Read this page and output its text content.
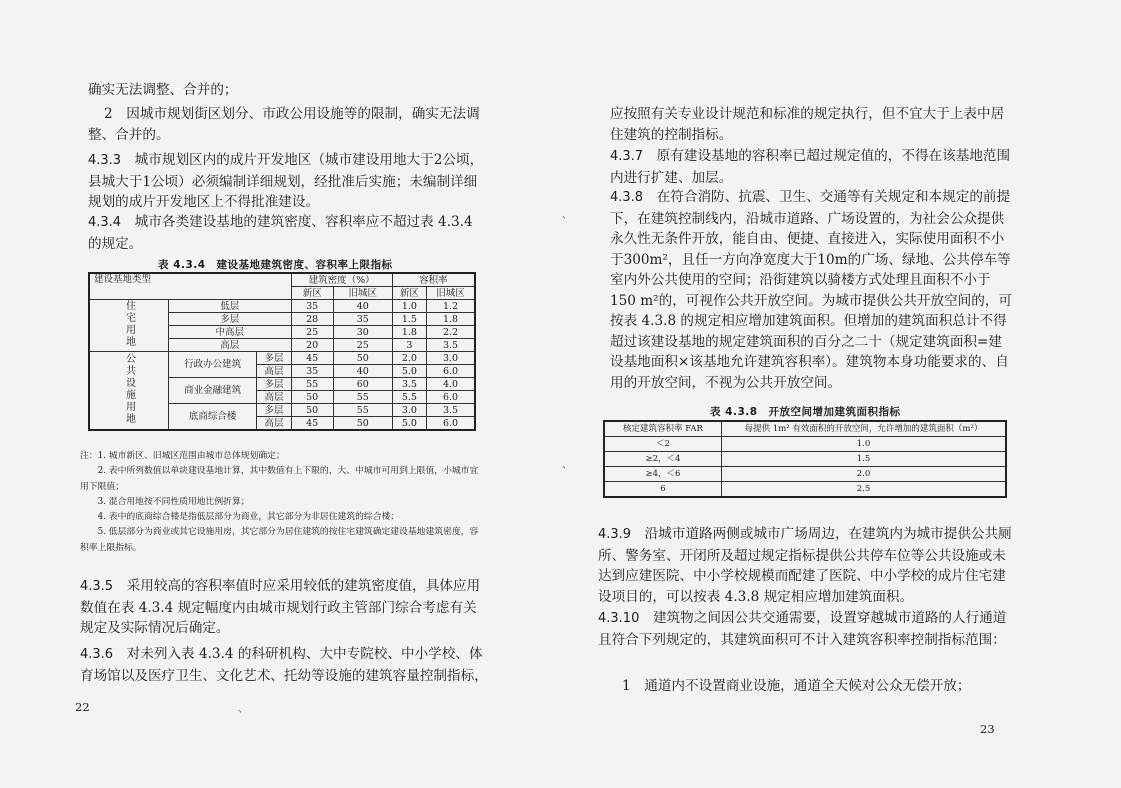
确实无法调整、合并的；

2　因城市规划街区划分、市政公用设施等的限制，确实无法调整、合并的。

4.3.3　 城市规划区内的成片开发地区（城市建设用地大于2公顷，县城大于1公顷）必须编制详细规划，经批准后实施；未编制详细规划的成片开发地区上不得批准建设。

4.3.4　 城市各类建设基地的建筑密度、容积率应不超过表 4.3.4 的规定。

表 4.3.4　建设基地建筑密度、容积率上限指标
建设基地类型			建筑密度（%）		容积率	
			新区	旧城区	新区	旧城区
住宅用地	低层		35	40	1.0	1.2
	多层		28	35	1.5	1.8
	中高层		25	30	1.8	2.2
	高层		20	25	3	3.5
公共设施用地	行政办公建筑	多层	45	50	2.0	3.0
		高层	35	40	5.0	6.0
	商业金融建筑	多层	55	60	3.5	4.0
		高层	50	55	5.5	6.0
	底商综合楼	多层	50	55	3.0	3.5
		高层	45	50	5.0	6.0
注：1. 城市新区、旧城区范围由城市总体规划确定；
　　2. 表中所列数值以单块建设基地计算，其中数值有上下限的，大、中城市可用到上限值，小城市宜用下限值；
　　3. 混合用地按不同性质用地比例折算；
　　4. 表中的底商综合楼是指低层部分为商业，其它部分为非居住建筑的综合楼；
　　5. 低层部分为商业或其它设施用房，其它部分为居住建筑的按住宅建筑确定建设基地建筑密度，容积率上限指标。

4.3.5　 采用较高的容积率值时应采用较低的建筑密度值，具体应用数值在表 4.3.4 规定幅度内由城市规划行政主管部门综合考虑有关规定及实际情况后确定。

4.3.6　 对未列入表 4.3.4 的科研机构、大中专院校、中小学校、体育场馆以及医疗卫生、文化艺术、托幼等设施的建筑容量控制指标，

22	、

应按照有关专业设计规范和标准的规定执行，但不宜大于上表中居住建筑的控制指标。

4.3.7　 原有建设基地的容积率已超过规定值的，不得在该基地范围内进行扩建、加层。

4.3.8　 在符合消防、抗震、卫生、交通等有关规定和本规定的前提下，在建筑控制线内，沿城市道路、广场设置的，为社会公众提供永久性无条件开放，能自由、便捷、直接进入，实际使用面积不小于300m²，且任一方向净宽度大于10m的广场、绿地、公共停车等室内外公共使用的空间；沿街建筑以骑楼方式处理且面积不小于150 m²的，可视作公共开放空间。为城市提供公共开放空间的，可按表 4.3.8 的规定相应增加建筑面积。但增加的建筑面积总计不得超过该建设基地的规定建筑面积的百分之二十（规定建筑面积=建设基地面积×该基地允许建筑容积率）。建筑物本身功能要求的、自用的开放空间，不视为公共开放空间。

表 4.3.8　开放空间增加建筑面积指标
核定建筑容积率 FAR	每提供 1m² 有效面积的开放空间，允许增加的建筑面积（m²）
＜2	1.0
≥2，＜4	1.5
≥4，＜6	2.0
6	2.5

4.3.9　 沿城市道路两侧或城市广场周边，在建筑内为城市提供公共厕所、警务室、开闭所及超过规定指标提供公共停车位等公共设施或未达到应建医院、中小学校规模而配建了医院、中小学校的成片住宅建设项目的，可以按表 4.3.8 规定相应增加建筑面积。

4.3.10　 建筑物之间因公共交通需要，设置穿越城市道路的人行通道且符合下列规定的，其建筑面积可不计入建筑容积率控制指标范围：

1　通道内不设置商业设施，通道全天候对公众无偿开放；

23
、
、
